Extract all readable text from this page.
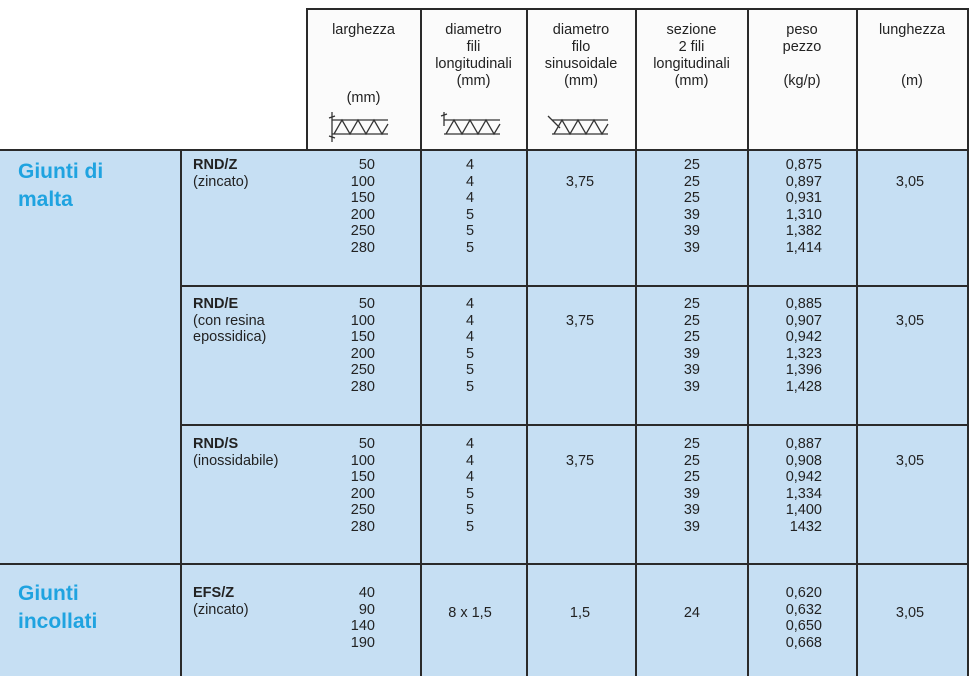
larghezza
(mm)
diametro
fili
longitudinali
(mm)
diametro
filo
sinusoidale
(mm)
sezione
2 fili
longitudinali
(mm)
peso
pezzo
(kg/p)
lunghezza
(m)
Giunti di
malta
Giunti
incollati
RND/Z
(zincato)
50
100
150
200
250
280
4
4
4
5
5
5
3,75
25
25
25
39
39
39
0,875
0,897
0,931
1,310
1,382
1,414
3,05
RND/E
(con resina
epossidica)
50
100
150
200
250
280
4
4
4
5
5
5
3,75
25
25
25
39
39
39
0,885
0,907
0,942
1,323
1,396
1,428
3,05
RND/S
(inossidabile)
50
100
150
200
250
280
4
4
4
5
5
5
3,75
25
25
25
39
39
39
0,887
0,908
0,942
1,334
1,400
1432
3,05
EFS/Z
(zincato)
40
90
140
190
8 x 1,5	1,5	24
0,620
0,632
0,650
0,668
3,05
